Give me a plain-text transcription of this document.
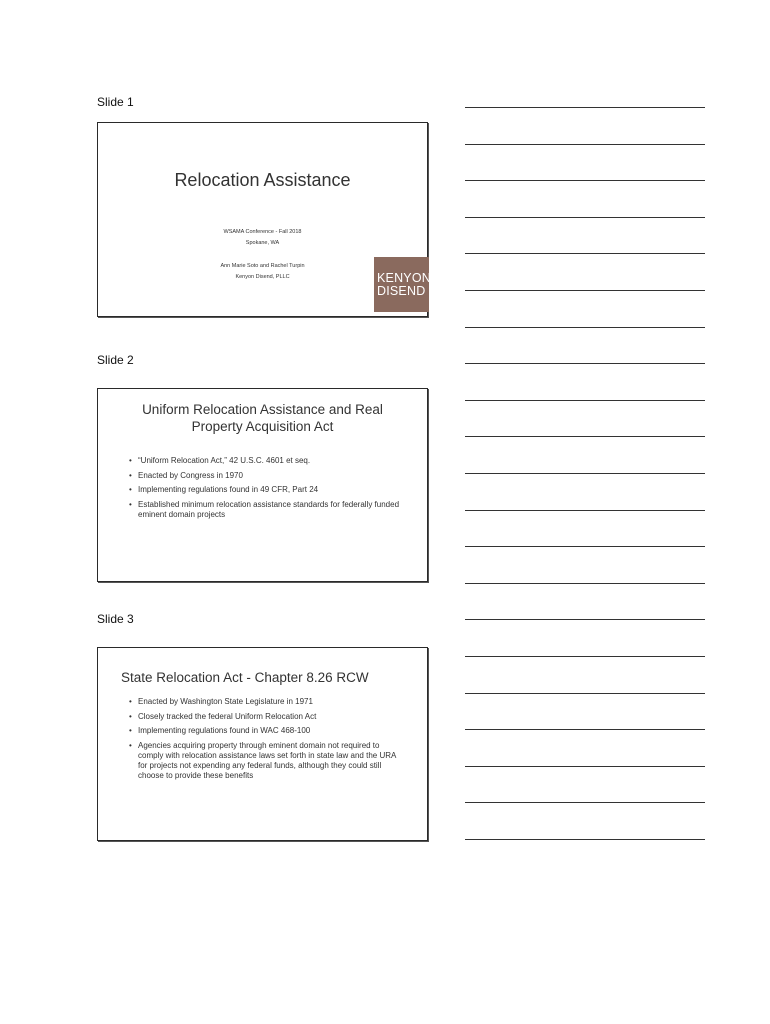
Slide 1
Relocation Assistance
WSAMA Conference - Fall 2018
Spokane, WA
Ann Marie Soto and Rachel Turpin
Kenyon Disend, PLLC	KENYON
DISEND
Slide 2
Uniform Relocation Assistance and Real
Property Acquisition Act
• “Uniform Relocation Act,” 42 U.S.C. 4601 et seq.
• Enacted by Congress in 1970
• Implementing regulations found in 49 CFR, Part 24
• Established minimum relocation assistance standards for federally funded eminent domain projects
Slide 3
State Relocation Act - Chapter 8.26 RCW
• Enacted by Washington State Legislature in 1971
• Closely tracked the federal Uniform Relocation Act
• Implementing regulations found in WAC 468-100
• Agencies acquiring property through eminent domain not required to comply with relocation assistance laws set forth in state law and the URA for projects not expending any federal funds, although they could still choose to provide these benefits
